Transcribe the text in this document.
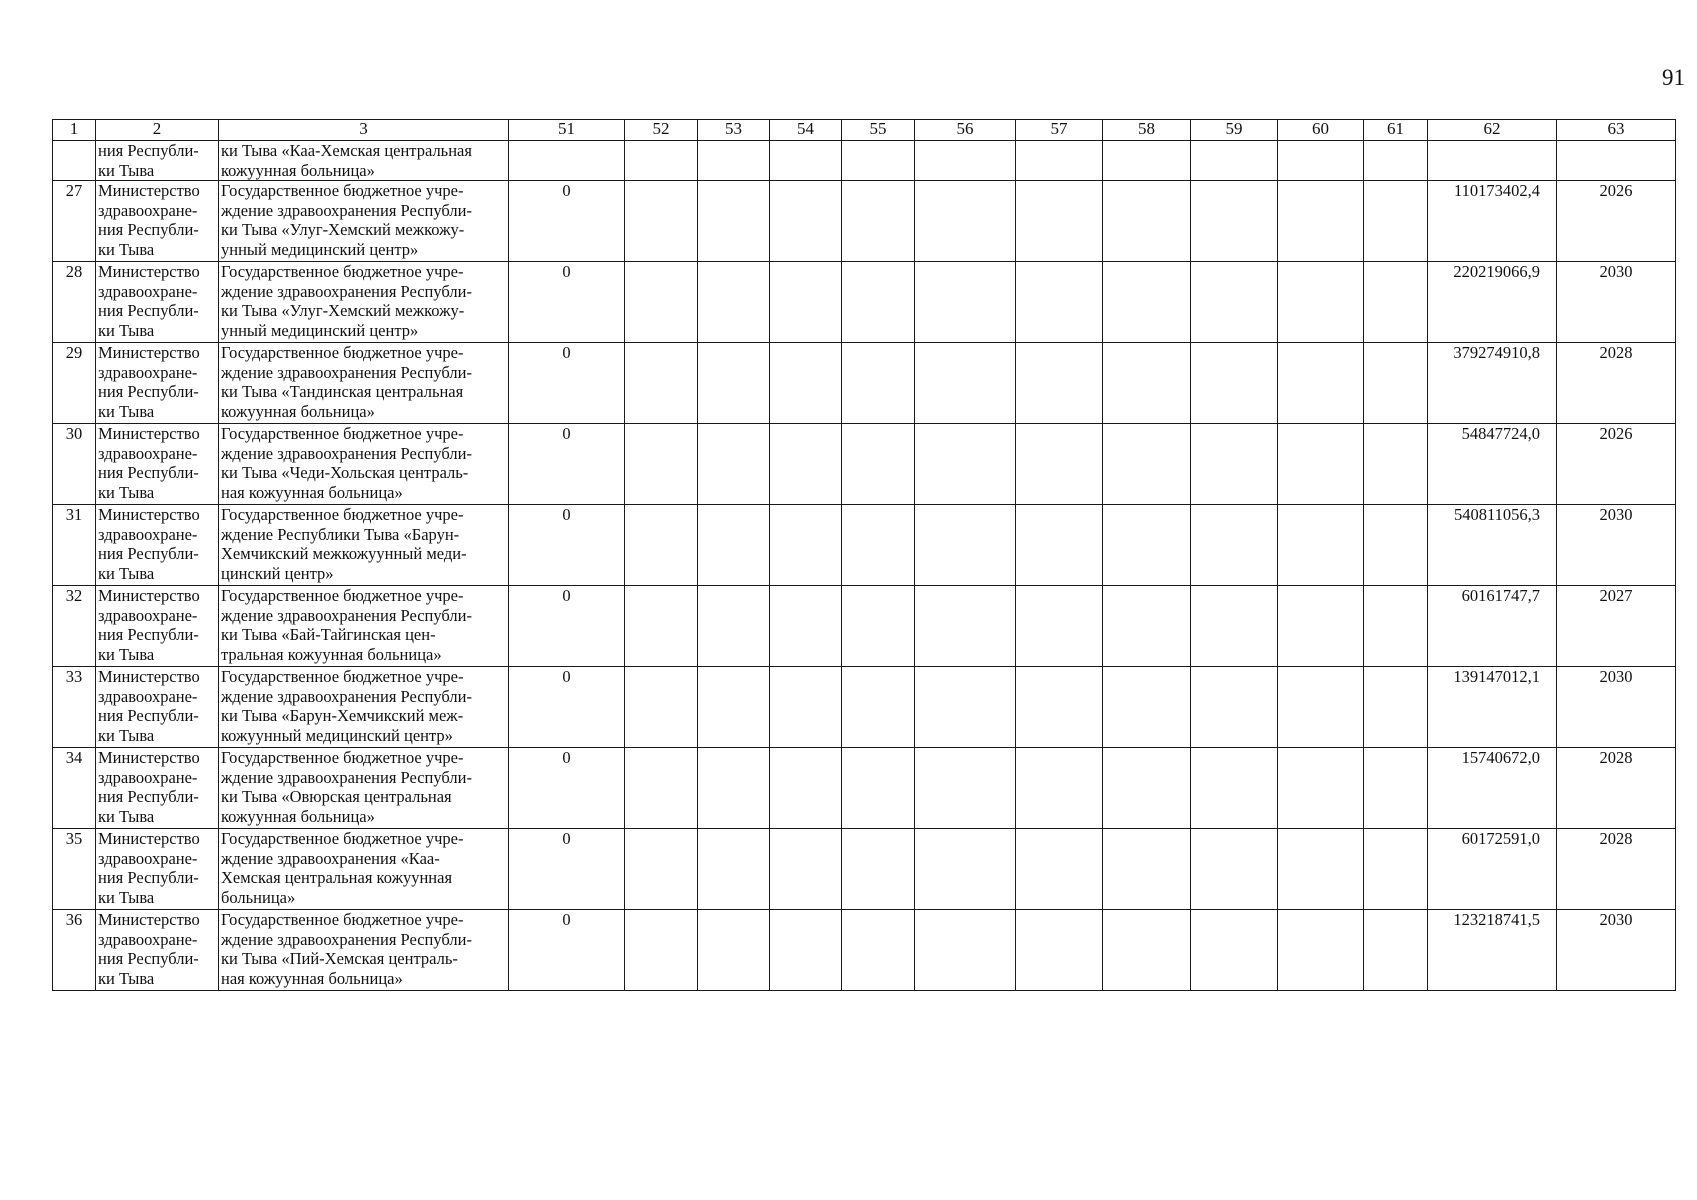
91
1	2	3	51	52	53	54	55	56	57	58	59	60	61	62	63
	ния Республи-
ки Тыва	ки Тыва «Каа-Хемская центральная
кожуунная больница»													
27	Министерство
здравоохране-
ния Республи-
ки Тыва	Государственное бюджетное учре-
ждение здравоохранения Республи-
ки Тыва «Улуг-Хемский межкожу-
унный медицинский центр»	0											110173402,4	2026
28	Министерство
здравоохране-
ния Республи-
ки Тыва	Государственное бюджетное учре-
ждение здравоохранения Республи-
ки Тыва «Улуг-Хемский межкожу-
унный медицинский центр»	0											220219066,9	2030
29	Министерство
здравоохране-
ния Республи-
ки Тыва	Государственное бюджетное учре-
ждение здравоохранения Республи-
ки Тыва «Тандинская центральная
кожуунная больница»	0											379274910,8	2028
30	Министерство
здравоохране-
ния Республи-
ки Тыва	Государственное бюджетное учре-
ждение здравоохранения Республи-
ки Тыва «Чеди-Хольская централь-
ная кожуунная больница»	0											54847724,0	2026
31	Министерство
здравоохране-
ния Республи-
ки Тыва	Государственное бюджетное учре-
ждение Республики Тыва «Барун-
Хемчикский межкожуунный меди-
цинский центр»	0											540811056,3	2030
32	Министерство
здравоохране-
ния Республи-
ки Тыва	Государственное бюджетное учре-
ждение здравоохранения Республи-
ки Тыва «Бай-Тайгинская цен-
тральная кожуунная больница»	0											60161747,7	2027
33	Министерство
здравоохране-
ния Республи-
ки Тыва	Государственное бюджетное учре-
ждение здравоохранения Республи-
ки Тыва «Барун-Хемчикский меж-
кожуунный медицинский центр»	0											139147012,1	2030
34	Министерство
здравоохране-
ния Республи-
ки Тыва	Государственное бюджетное учре-
ждение здравоохранения Республи-
ки Тыва «Овюрская центральная
кожуунная больница»	0											15740672,0	2028
35	Министерство
здравоохране-
ния Республи-
ки Тыва	Государственное бюджетное учре-
ждение здравоохранения «Каа-
Хемская центральная кожуунная
больница»	0											60172591,0	2028
36	Министерство
здравоохране-
ния Республи-
ки Тыва	Государственное бюджетное учре-
ждение здравоохранения Республи-
ки Тыва «Пий-Хемская централь-
ная кожуунная больница»	0											123218741,5	2030
